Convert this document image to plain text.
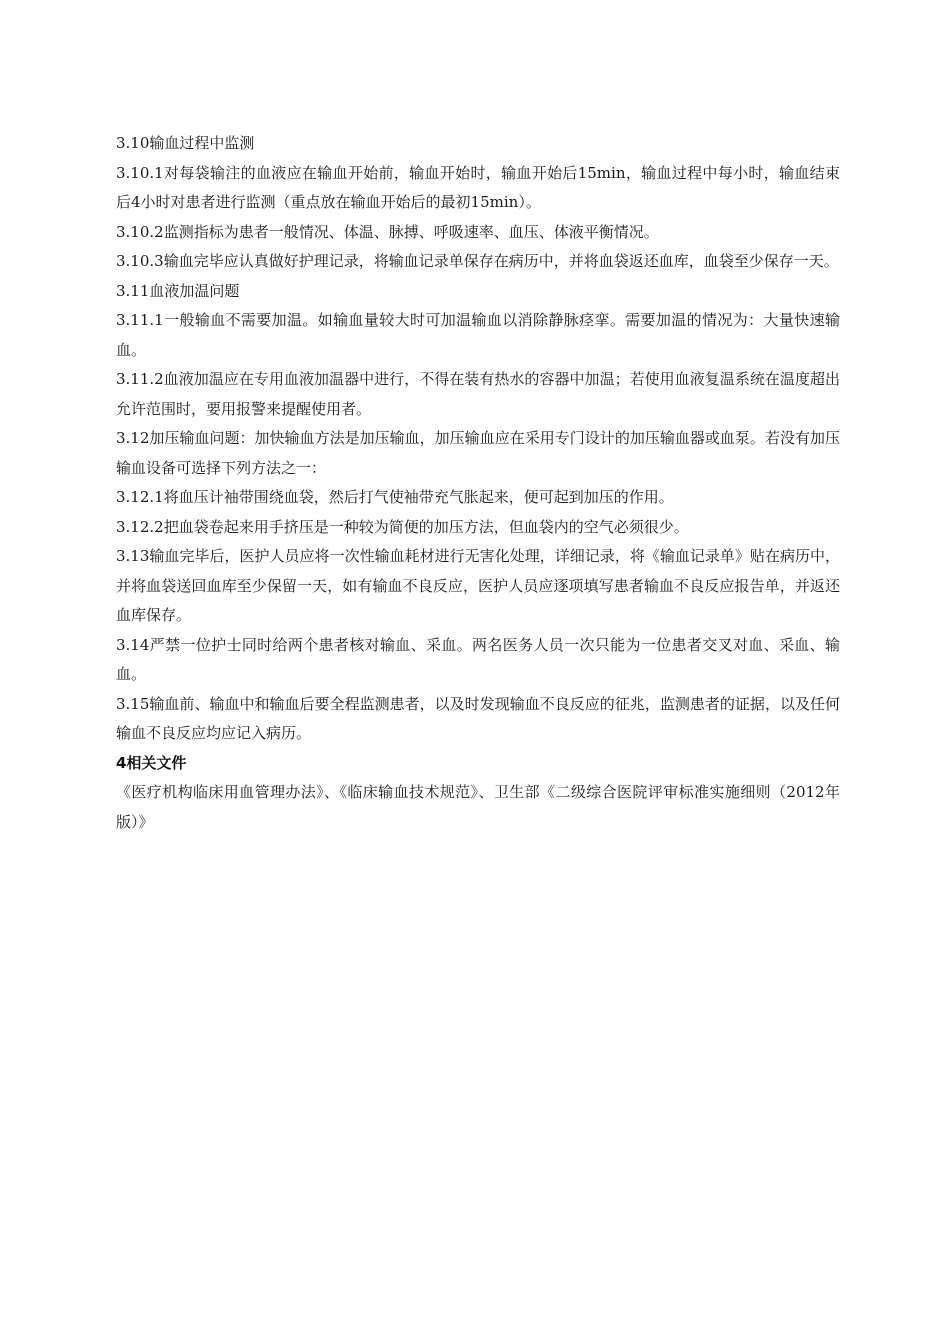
3.10输血过程中监测

3.10.1对每袋输注的血液应在输血开始前，输血开始时，输血开始后15min，输血过程中每小时，输血结束后4小时对患者进行监测（重点放在输血开始后的最初15min）。

3.10.2监测指标为患者一般情况、体温、脉搏、呼吸速率、血压、体液平衡情况。

3.10.3输血完毕应认真做好护理记录，将输血记录单保存在病历中，并将血袋返还血库，血袋至少保存一天。

3.11血液加温问题

3.11.1一般输血不需要加温。如输血量较大时可加温输血以消除静脉痉挛。需要加温的情况为：大量快速输血。

3.11.2血液加温应在专用血液加温器中进行，不得在装有热水的容器中加温；若使用血液复温系统在温度超出允许范围时，要用报警来提醒使用者。

3.12加压输血问题：加快输血方法是加压输血，加压输血应在采用专门设计的加压输血器或血泵。若没有加压输血设备可选择下列方法之一：

3.12.1将血压计袖带围绕血袋，然后打气使袖带充气胀起来，便可起到加压的作用。

3.12.2把血袋卷起来用手挤压是一种较为简便的加压方法，但血袋内的空气必须很少。

3.13输血完毕后，医护人员应将一次性输血耗材进行无害化处理，详细记录，将《输血记录单》贴在病历中，并将血袋送回血库至少保留一天，如有输血不良反应，医护人员应逐项填写患者输血不良反应报告单，并返还血库保存。

3.14严禁一位护士同时给两个患者核对输血、采血。两名医务人员一次只能为一位患者交叉对血、采血、输血。

3.15输血前、输血中和输血后要全程监测患者，以及时发现输血不良反应的征兆，监测患者的证据，以及任何输血不良反应均应记入病历。

4相关文件

《医疗机构临床用血管理办法》、《临床输血技术规范》、卫生部《二级综合医院评审标准实施细则（2012年版）》
